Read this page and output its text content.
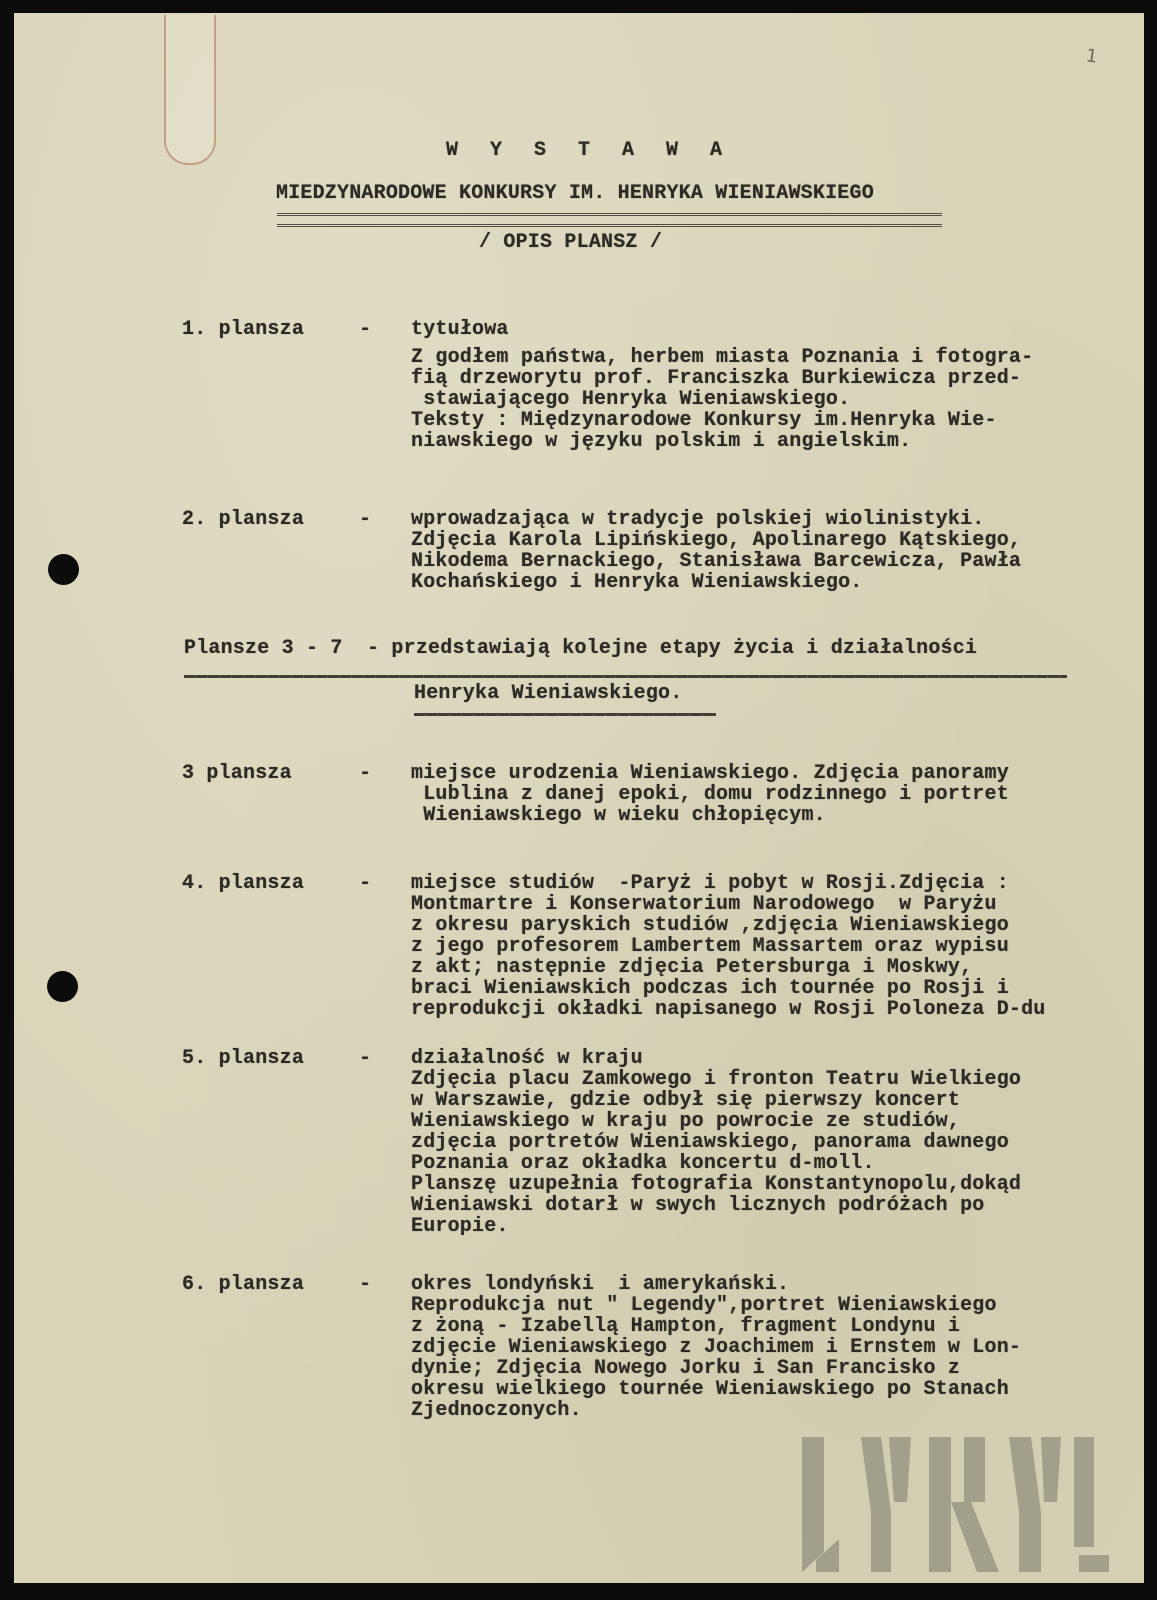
1
W Y S T A W A
MIEDZYNARODOWE KONKURSY IM. HENRYKA WIENIAWSKIEGO
/ OPIS PLANSZ /
1. plansza	- tytułowa
Z godłem państwa, herbem miasta Poznania i fotogra-
fią drzeworytu prof. Franciszka Burkiewicza przed-
stawiającego Henryka Wieniawskiego.
Teksty : Międzynarodowe Konkursy im.Henryka Wie-
niawskiego w języku polskim i angielskim.
2. plansza	- wprowadzająca w tradycje polskiej wiolinistyki.
Zdjęcia Karola Lipińskiego, Apolinarego Kątskiego,
Nikodema Bernackiego, Stanisława Barcewicza, Pawła
Kochańskiego i Henryka Wieniawskiego.
Plansze 3 - 7  - przedstawiają kolejne etapy życia i działalności
Henryka Wieniawskiego.
3 plansza	- miejsce urodzenia Wieniawskiego. Zdjęcia panoramy
Lublina z danej epoki, domu rodzinnego i portret
Wieniawskiego w wieku chłopięcym.
4. plansza	- miejsce studiów  -Paryż i pobyt w Rosji.Zdjęcia :
Montmartre i Konserwatorium Narodowego  w Paryżu
z okresu paryskich studiów ,zdjęcia Wieniawskiego
z jego profesorem Lambertem Massartem oraz wypisu
z akt; następnie zdjęcia Petersburga i Moskwy,
braci Wieniawskich podczas ich tournée po Rosji i
reprodukcji okładki napisanego w Rosji Poloneza D-du
5. plansza	- działalność w kraju
Zdjęcia placu Zamkowego i fronton Teatru Wielkiego
w Warszawie, gdzie odbył się pierwszy koncert
Wieniawskiego w kraju po powrocie ze studiów,
zdjęcia portretów Wieniawskiego, panorama dawnego
Poznania oraz okładka koncertu d-moll.
Planszę uzupełnia fotografia Konstantynopolu,dokąd
Wieniawski dotarł w swych licznych podróżach po
Europie.
6. plansza	- okres londyński  i amerykański.
Reprodukcja nut " Legendy",portret Wieniawskiego
z żoną - Izabellą Hampton, fragment Londynu i
zdjęcie Wieniawskiego z Joachimem i Ernstem w Lon-
dynie; Zdjęcia Nowego Jorku i San Francisko z
okresu wielkiego tournée Wieniawskiego po Stanach
Zjednoczonych.
